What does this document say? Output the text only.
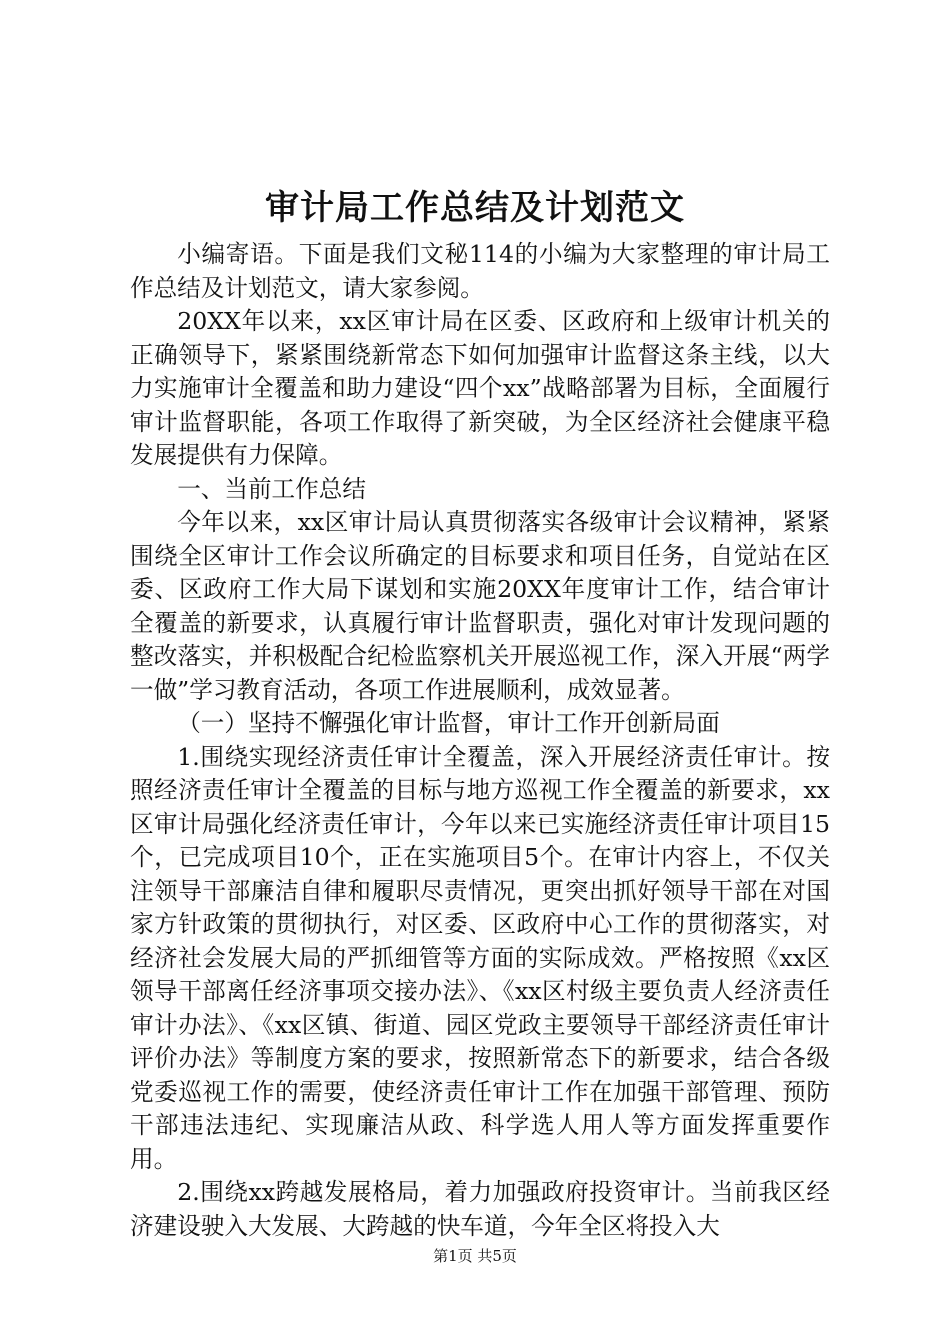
审计局工作总结及计划范文

小编寄语。下面是我们文秘114的小编为大家整理的审计局工作总结及计划范文，请大家参阅。

20XX年以来，xx区审计局在区委、区政府和上级审计机关的正确领导下，紧紧围绕新常态下如何加强审计监督这条主线，以大力实施审计全覆盖和助力建设“四个xx”战略部署为目标，全面履行审计监督职能，各项工作取得了新突破，为全区经济社会健康平稳发展提供有力保障。

一、当前工作总结

今年以来，xx区审计局认真贯彻落实各级审计会议精神，紧紧围绕全区审计工作会议所确定的目标要求和项目任务，自觉站在区委、区政府工作大局下谋划和实施20XX年度审计工作，结合审计全覆盖的新要求，认真履行审计监督职责，强化对审计发现问题的整改落实，并积极配合纪检监察机关开展巡视工作，深入开展“两学一做”学习教育活动，各项工作进展顺利，成效显著。

（一）坚持不懈强化审计监督，审计工作开创新局面

1.围绕实现经济责任审计全覆盖，深入开展经济责任审计。按照经济责任审计全覆盖的目标与地方巡视工作全覆盖的新要求，xx区审计局强化经济责任审计，今年以来已实施经济责任审计项目15个，已完成项目10个，正在实施项目5个。在审计内容上，不仅关注领导干部廉洁自律和履职尽责情况，更突出抓好领导干部在对国家方针政策的贯彻执行，对区委、区政府中心工作的贯彻落实，对经济社会发展大局的严抓细管等方面的实际成效。严格按照《xx区领导干部离任经济事项交接办法》、《xx区村级主要负责人经济责任审计办法》、《xx区镇、街道、园区党政主要领导干部经济责任审计评价办法》等制度方案的要求，按照新常态下的新要求，结合各级党委巡视工作的需要，使经济责任审计工作在加强干部管理、预防干部违法违纪、实现廉洁从政、科学选人用人等方面发挥重要作用。

2.围绕xx跨越发展格局，着力加强政府投资审计。当前我区经济建设驶入大发展、大跨越的快车道，今年全区将投入大

第1页 共5页
